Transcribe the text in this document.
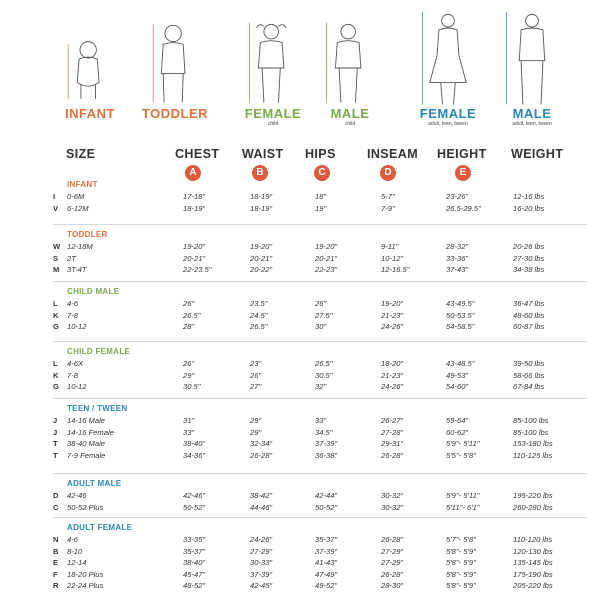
INFANT	TODDLER	FEMALE
child
MALE
child
FEMALE
adult, teen, tween
MALE
adult, teen, tween
SIZE	CHEST WAIST HIPS INSEAM HEIGHT WEIGHT
A	B	C	D	E
INFANT
I 0-6M	17-18"	18-19"	18"	5-7"	23-26"	12-16 lbs
V 6-12M	18-19"	18-19"	19"	7-9"	26.5-29.5"	16-20 lbs
TODDLER
W 12-18M	19-20"	19-20"	19-20"	9-11"	28-32"	20-26 lbs
S 2T	20-21"	20-21"	20-21"	10-12"	33-36"	27-30 lbs
M 3T-4T	22-23.5"	20-22"	22-23"	12-16.5"	37-43"	34-38 lbs
CHILD MALE
L 4-6	26"	23.5"	26"	19-20"	43-49.5"	36-47 lbs
K 7-8	26.5"	24.5"	27.5"	21-23"	50-53.5"	48-60 lbs
G 10-12	28"	26.5"	30"	24-26"	54-58.5"	60-87 lbs
CHILD FEMALE
L 4-6X	26"	23"	26.5"	18-20"	43-48.5"	39-50 lbs
K 7-8	29"	26"	30.5"	21-23"	49-53"	58-66 lbs
G 10-12	30.5"	27"	32"	24-26"	54-60"	67-84 lbs
TEEN / TWEEN
J 14-16 Male	31"	29"	33"	26-27"	59-64"	85-100 lbs
J 14-16 Female	33"	29"	34.5"	27-28"	60-62"	85-100 lbs
T 38-40 Male	38-40"	32-34"	37-39"	29-31"	5'9"- 5'11"	153-180 lbs
T 7-9 Female	34-36"	26-28"	36-38"	26-28"	5'5"- 5'8"	110-125 lbs
ADULT MALE
D 42-46	42-46"	38-42"	42-44"	30-32"	5'9"- 5'11"	195-220 lbs
C 50-52 Plus	50-52"	44-46"	50-52"	30-32"	5'11"- 6'1"	260-280 lbs
ADULT FEMALE
N 4-6	33-35"	24-26"	35-37"	26-28"	5'7"- 5'8"	110-120 lbs
B 8-10	35-37"	27-29"	37-39"	27-29"	5'8"- 5'9"	120-130 lbs
E 12-14	38-40"	30-33"	41-43"	27-29"	5'8"- 5'9"	135-145 lbs
F 18-20 Plus	45-47"	37-39"	47-49"	26-28"	5'8"- 5'9"	175-190 lbs
R 22-24 Plus	48-52"	42-45"	49-52"	28-30"	5'8"- 5'9"	205-220 lbs
